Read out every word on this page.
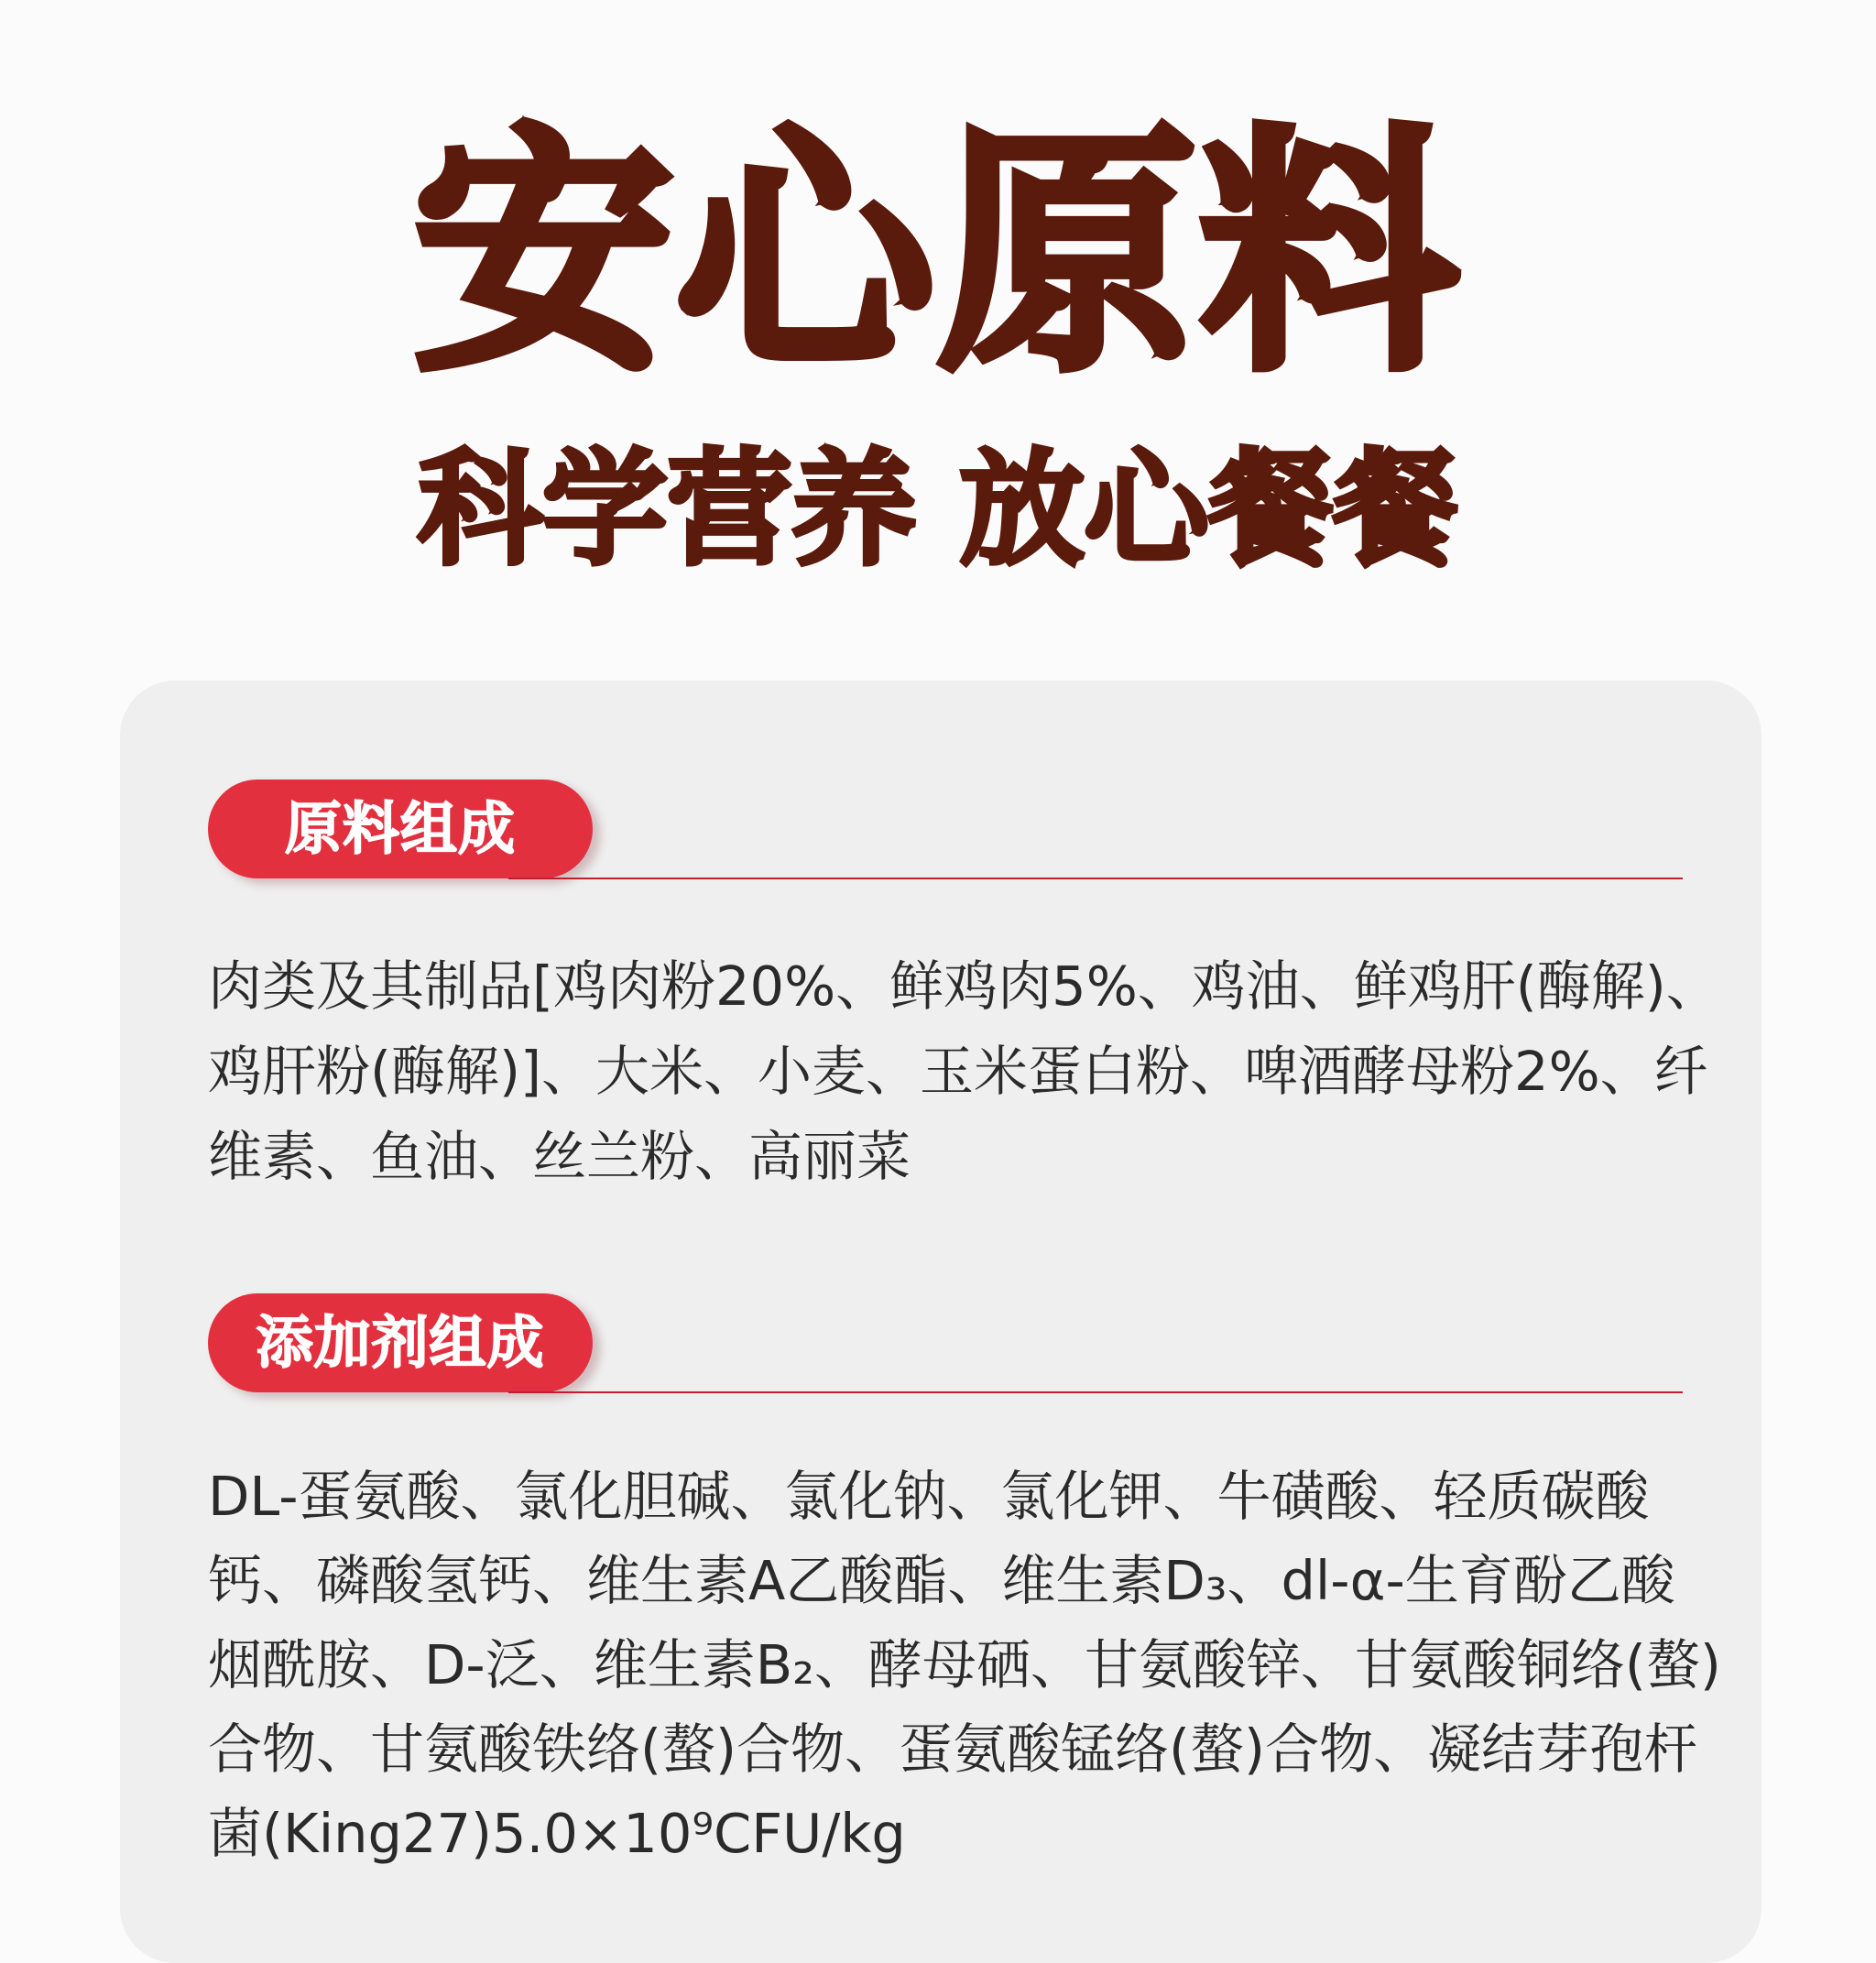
安心原料
科学营养 放心餐餐
原料组成
肉类及其制品[鸡肉粉20%、鲜鸡肉5%、鸡油、鲜鸡肝(酶解)、
鸡肝粉(酶解)]、大米、小麦、玉米蛋白粉、啤酒酵母粉2%、纤
维素、鱼油、丝兰粉、高丽菜
添加剂组成
DL-蛋氨酸、氯化胆碱、氯化钠、氯化钾、牛磺酸、轻质碳酸
钙、磷酸氢钙、维生素A乙酸酯、维生素D₃、dl-α-生育酚乙酸
烟酰胺、D-泛、维生素B₂、酵母硒、甘氨酸锌、甘氨酸铜络(螯)
合物、甘氨酸铁络(螯)合物、蛋氨酸锰络(螯)合物、凝结芽孢杆
菌(King27)5.0×10⁹CFU/kg
